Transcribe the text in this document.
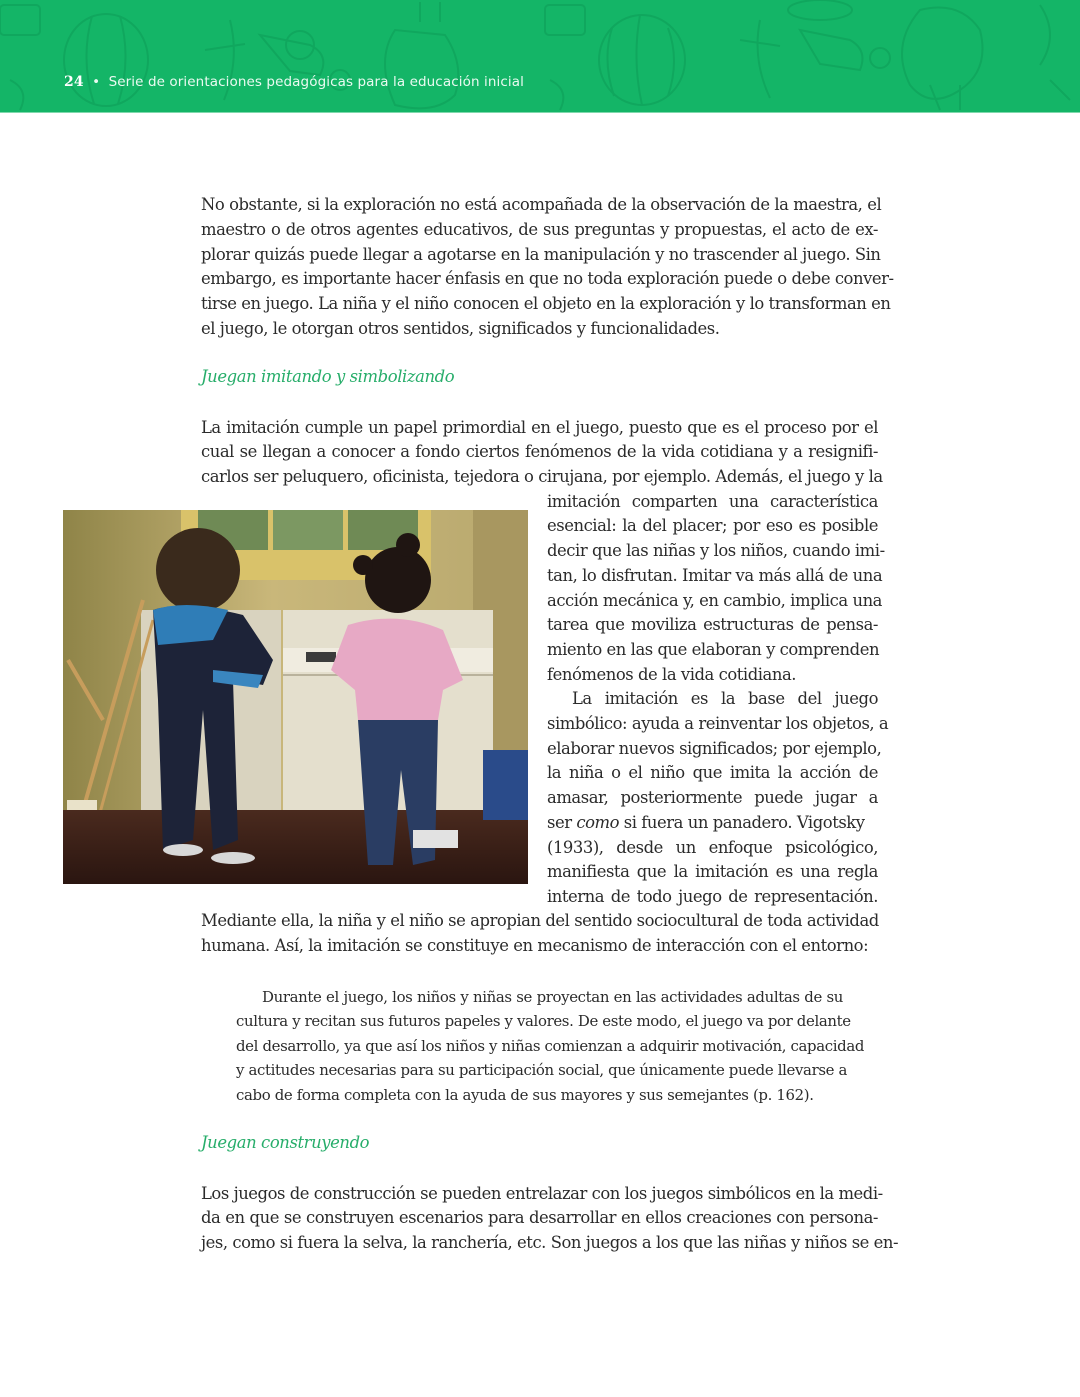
24 • Serie de orientaciones pedagógicas para la educación inicial
No obstante, si la exploración no está acompañada de la observación de la maestra, el
maestro o de otros agentes educativos, de sus preguntas y propuestas, el acto de ex-
plorar quizás puede llegar a agotarse en la manipulación y no trascender al juego. Sin
embargo, es importante hacer énfasis en que no toda exploración puede o debe conver-
tirse en juego. La niña y el niño conocen el objeto en la exploración y lo transforman en
el juego, le otorgan otros sentidos, significados y funcionalidades.
Juegan imitando y simbolizando
La imitación cumple un papel primordial en el juego, puesto que es el proceso por el
cual se llegan a conocer a fondo ciertos fenómenos de la vida cotidiana y a resignifi-
carlos ser peluquero, oficinista, tejedora o cirujana, por ejemplo. Además, el juego y la
imitación comparten una característica
esencial: la del placer; por eso es posible
decir que las niñas y los niños, cuando imi-
tan, lo disfrutan. Imitar va más allá de una
acción mecánica y, en cambio, implica una
tarea que moviliza estructuras de pensa-
miento en las que elaboran y comprenden
fenómenos de la vida cotidiana.
La imitación es la base del juego
simbólico: ayuda a reinventar los objetos, a
elaborar nuevos significados; por ejemplo,
la niña o el niño que imita la acción de
amasar, posteriormente puede jugar a
ser como si fuera un panadero. Vigotsky
(1933), desde un enfoque psicológico,
manifiesta que la imitación es una regla
interna de todo juego de representación.
Mediante ella, la niña y el niño se apropian del sentido sociocultural de toda actividad
humana. Así, la imitación se constituye en mecanismo de interacción con el entorno:
Durante el juego, los niños y niñas se proyectan en las actividades adultas de su
cultura y recitan sus futuros papeles y valores. De este modo, el juego va por delante
del desarrollo, ya que así los niños y niñas comienzan a adquirir motivación, capacidad
y actitudes necesarias para su participación social, que únicamente puede llevarse a
cabo de forma completa con la ayuda de sus mayores y sus semejantes (p. 162).
Juegan construyendo
Los juegos de construcción se pueden entrelazar con los juegos simbólicos en la medi-
da en que se construyen escenarios para desarrollar en ellos creaciones con persona-
jes, como si fuera la selva, la ranchería, etc. Son juegos a los que las niñas y niños se en-
